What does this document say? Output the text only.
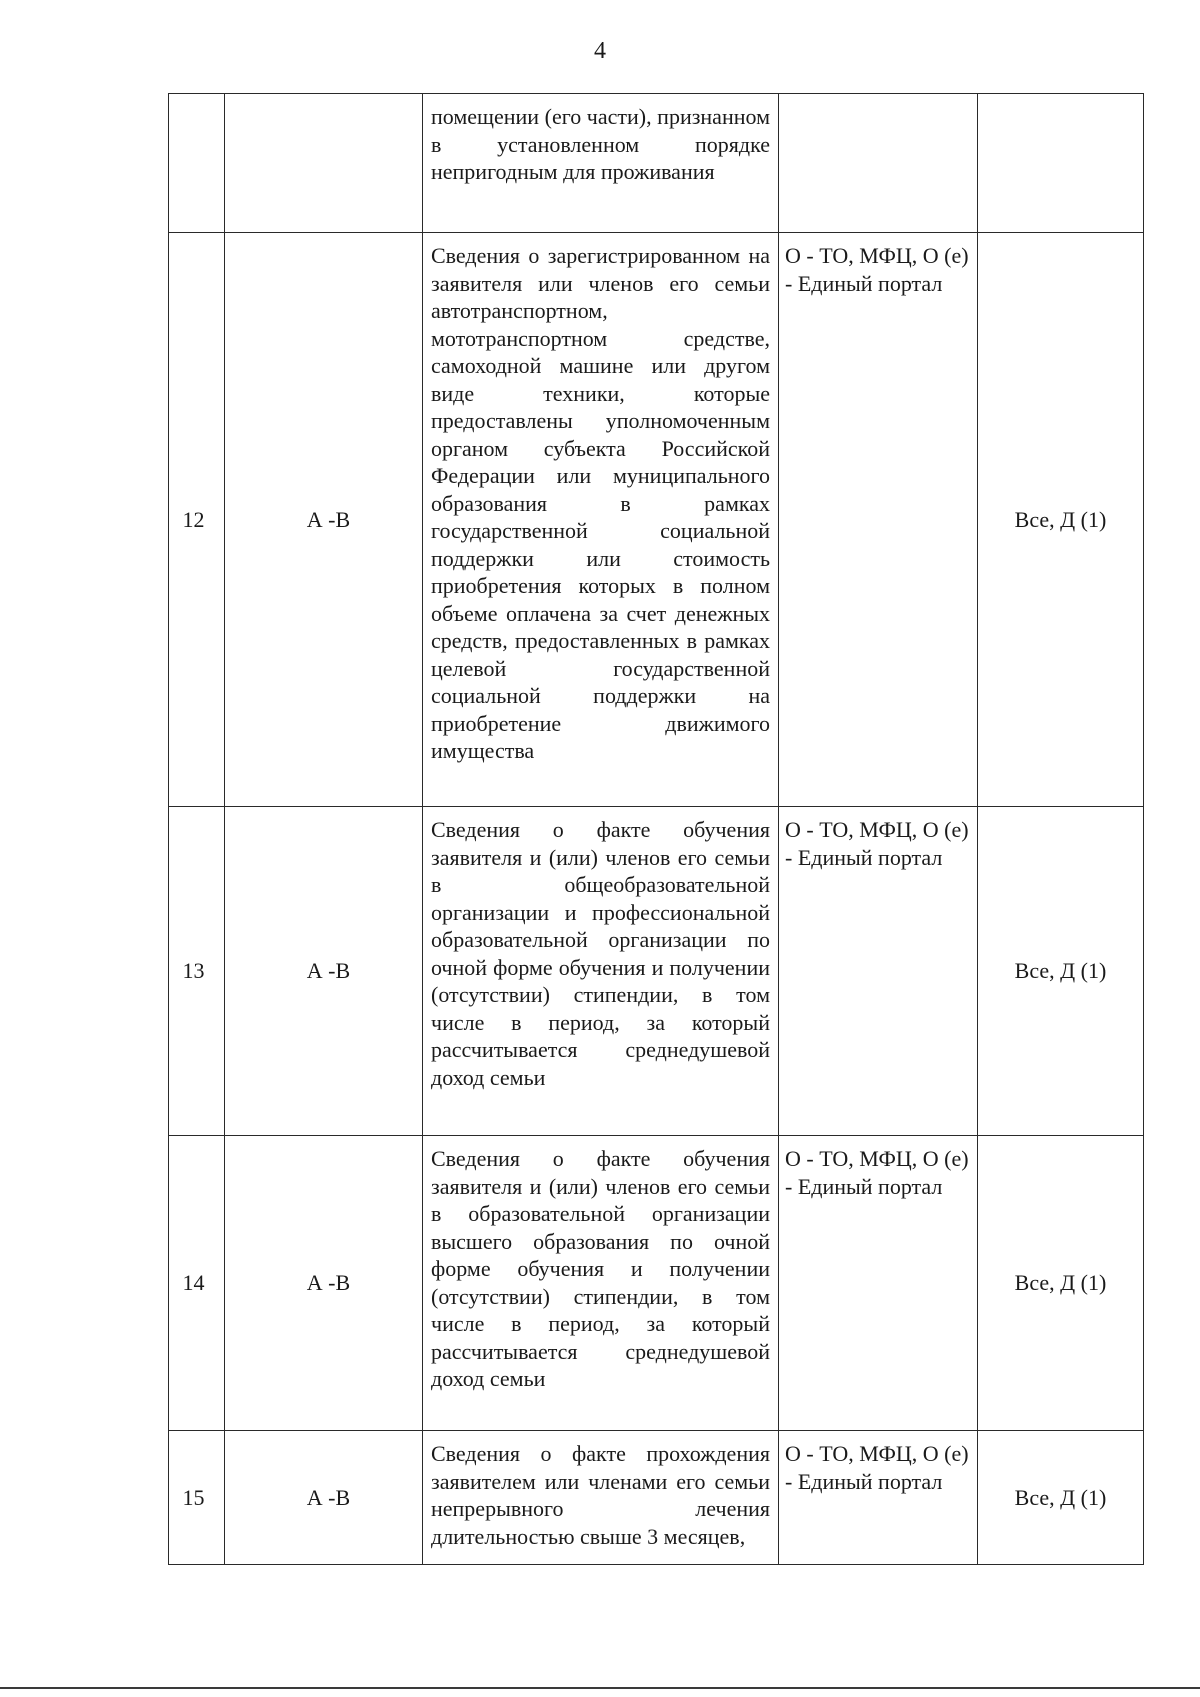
4
		помещении (его части), признанном в установленном порядке непригодным для проживания		
12	А -В	Сведения о зарегистрированном на заявителя или членов его семьи автотранспортном, мототранспортном средстве, самоходной машине или другом виде техники, которые предоставлены уполномоченным органом субъекта Российской Федерации или муниципального образования в рамках государственной социальной поддержки или стоимость приобретения которых в полном объеме оплачена за счет денежных средств, предоставленных в рамках целевой государственной социальной поддержки на приобретение движимого имущества	О - ТО, МФЦ, О (е) - Единый портал	Все, Д (1)
13	А -В	Сведения о факте обучения заявителя и (или) членов его семьи в общеобразовательной организации и профессиональной образовательной организации по очной форме обучения и получении (отсутствии) стипендии, в том числе в период, за который рассчитывается среднедушевой доход семьи	О - ТО, МФЦ, О (е) - Единый портал	Все, Д (1)
14	А -В	Сведения о факте обучения заявителя и (или) членов его семьи в образовательной организации высшего образования по очной форме обучения и получении (отсутствии) стипендии, в том числе в период, за который рассчитывается среднедушевой доход семьи	О - ТО, МФЦ, О (е) - Единый портал	Все, Д (1)
15	А -В	Сведения о факте прохождения заявителем или членами его семьи непрерывного лечения длительностью свыше 3 месяцев,	О - ТО, МФЦ, О (е) - Единый портал	Все, Д (1)
